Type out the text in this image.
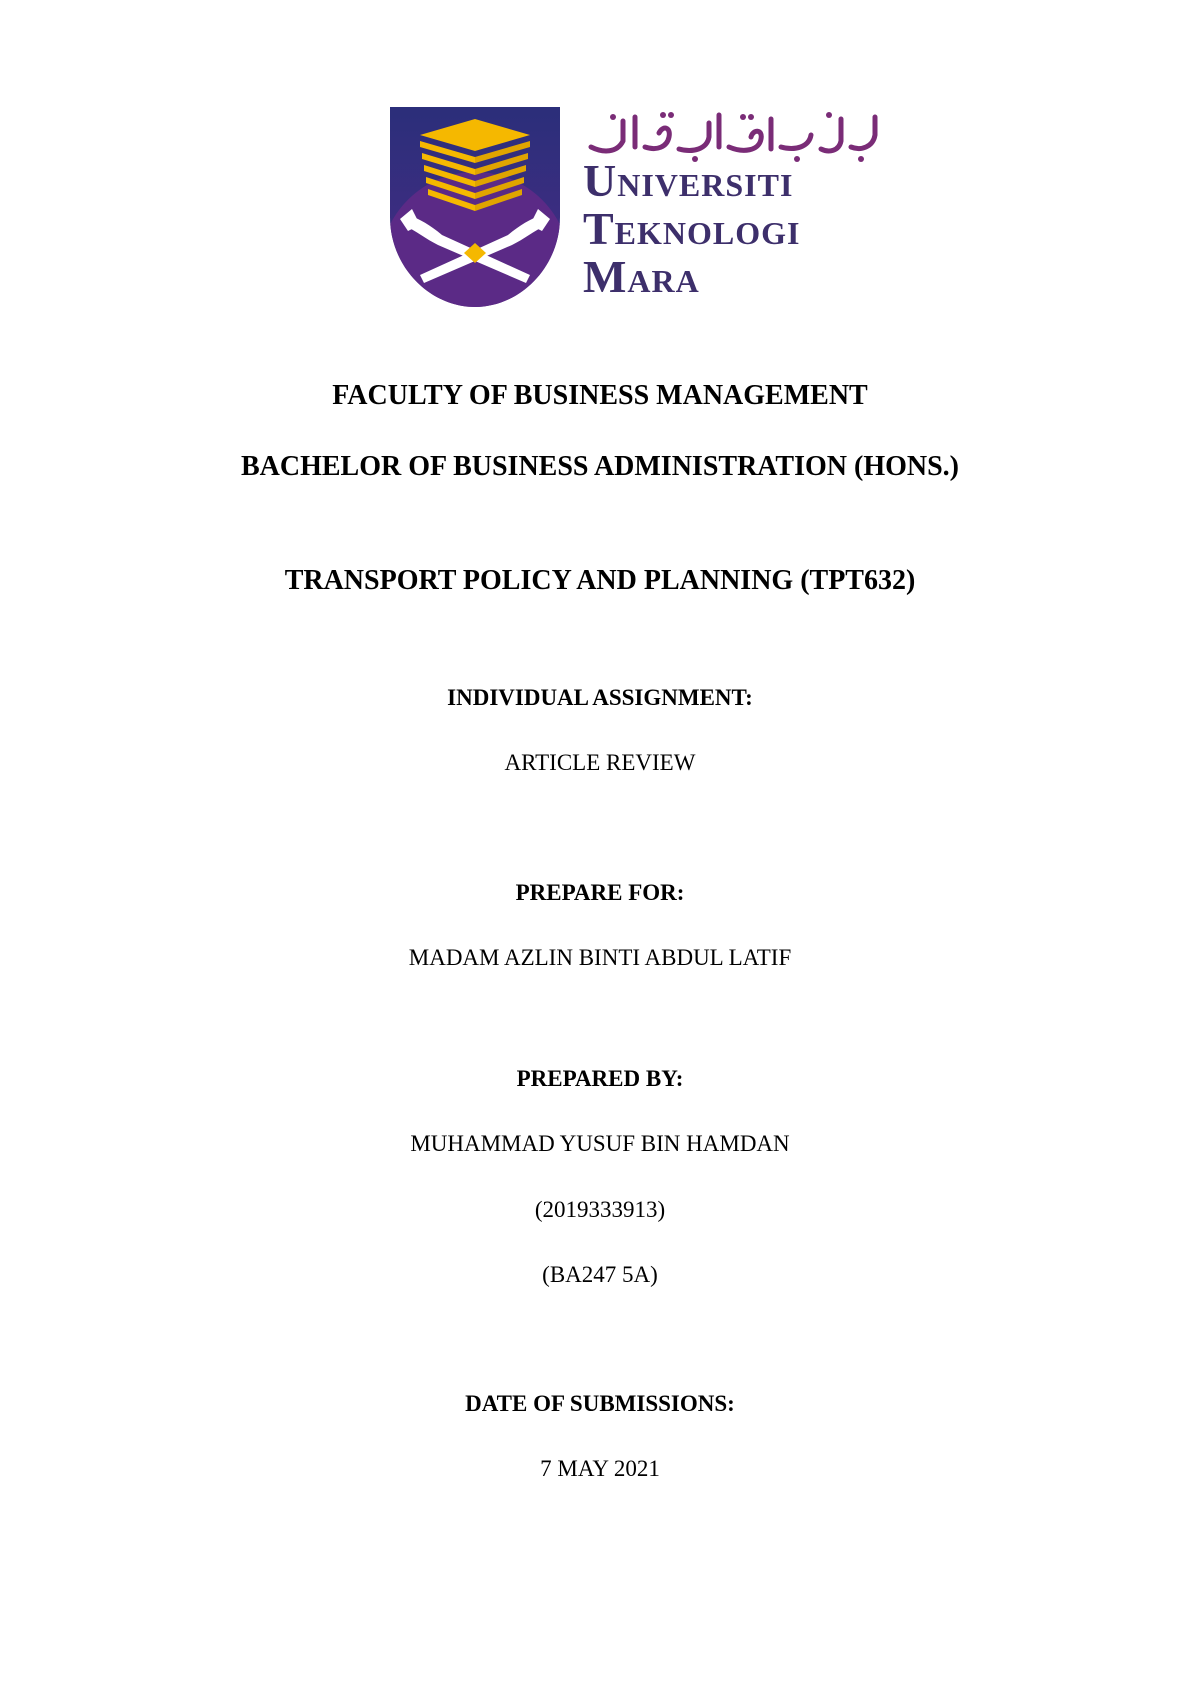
Universiti
Teknologi
Mara

FACULTY OF BUSINESS MANAGEMENT

BACHELOR OF BUSINESS ADMINISTRATION (HONS.)

TRANSPORT POLICY AND PLANNING (TPT632)

INDIVIDUAL ASSIGNMENT:

ARTICLE REVIEW

PREPARE FOR:

MADAM AZLIN BINTI ABDUL LATIF

PREPARED BY:

MUHAMMAD YUSUF BIN HAMDAN

(2019333913)

(BA247 5A)

DATE OF SUBMISSIONS:

7 MAY 2021
